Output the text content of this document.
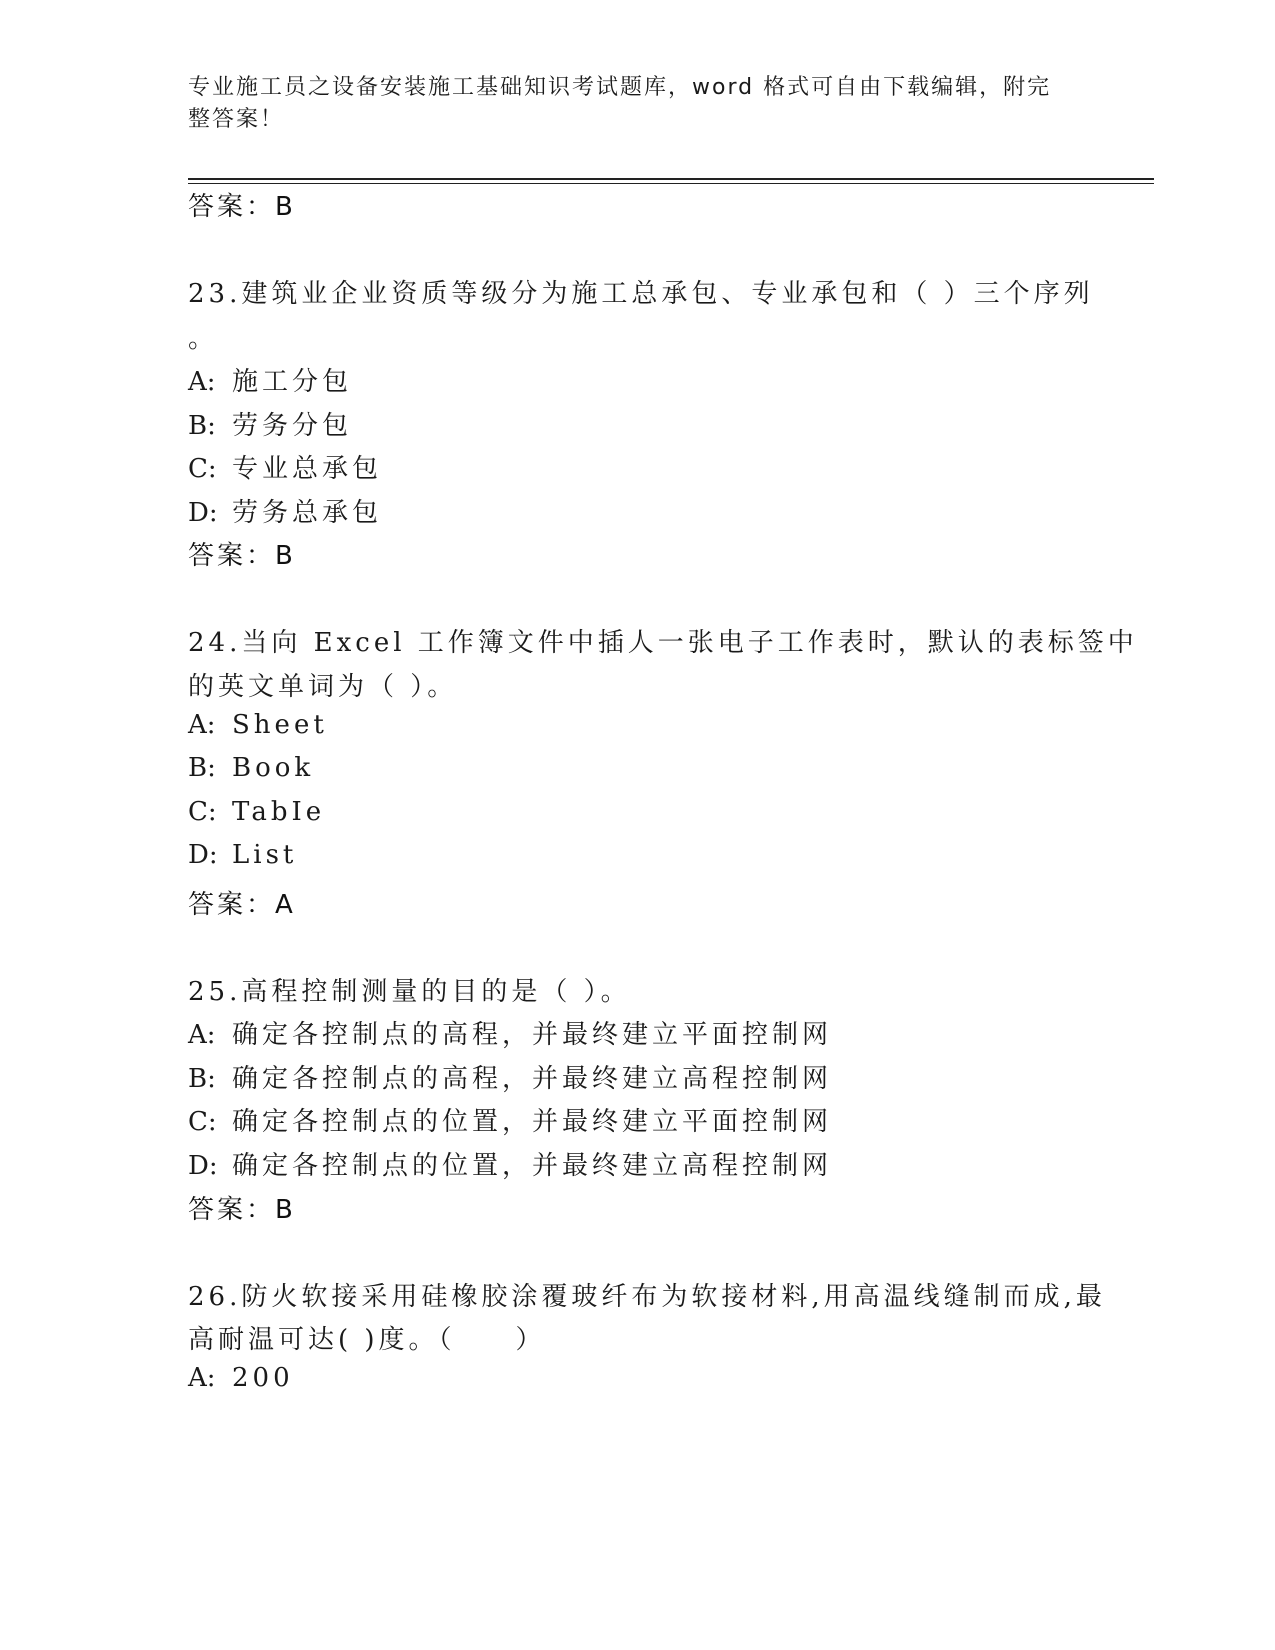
专业施工员之设备安装施工基础知识考试题库，word 格式可自由下载编辑，附完
整答案！
答案：B
23.建筑业企业资质等级分为施工总承包、专业承包和（ ）三个序列
。
A: 施工分包
B: 劳务分包
C: 专业总承包
D: 劳务总承包
答案：B
24.当向 Excel 工作簿文件中插人一张电子工作表时，默认的表标签中
的英文单词为（ ）。
A: Sheet
B: Book
C: TabIe
D: List
答案：A
25.高程控制测量的目的是（ ）。
A: 确定各控制点的高程，并最终建立平面控制网
B: 确定各控制点的高程，并最终建立高程控制网
C: 确定各控制点的位置，并最终建立平面控制网
D: 确定各控制点的位置，并最终建立高程控制网
答案：B
26.防火软接采用硅橡胶涂覆玻纤布为软接材料,用高温线缝制而成,最
高耐温可达( )度。（　　）
A: 200
